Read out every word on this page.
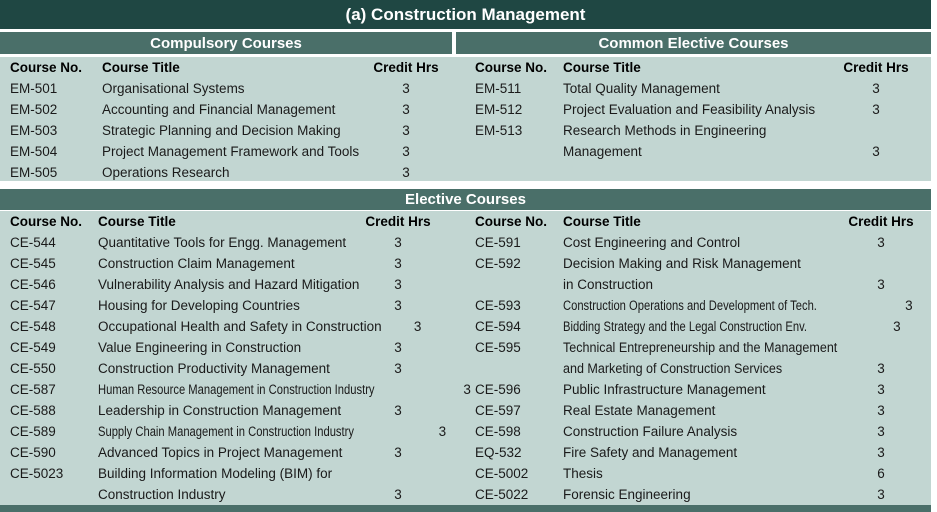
(a) Construction Management
Compulsory Courses	Common Elective Courses
Course No.	Course Title	Credit Hrs
EM-501	Organisational Systems	3
EM-502	Accounting and Financial Management	3
EM-503	Strategic Planning and Decision Making	3
EM-504	Project Management Framework and Tools	3
EM-505	Operations Research	3
Course No.	Course Title	Credit Hrs
EM-511	Total Quality Management	3
EM-512	Project Evaluation and Feasibility Analysis	3
EM-513	Research Methods in Engineering
Management	3
Elective Courses
Course No.	Course Title	Credit Hrs
CE-544	Quantitative Tools for Engg. Management	3
CE-545	Construction Claim Management	3
CE-546	Vulnerability Analysis and Hazard Mitigation	3
CE-547	Housing for Developing Countries	3
CE-548	Occupational Health and Safety in Construction	3
CE-549	Value Engineering in Construction	3
CE-550	Construction Productivity Management	3
CE-587	Human Resource Management in Construction Industry	3
CE-588	Leadership in Construction Management	3
CE-589	Supply Chain Management in Construction Industry	3
CE-590	Advanced Topics in Project Management	3
CE-5023	Building Information Modeling (BIM) for
Construction Industry	3
Course No.	Course Title	Credit Hrs
CE-591	Cost Engineering and Control	3
CE-592	Decision Making and Risk Management
in Construction	3
CE-593	Construction Operations and Development of Tech.	3
CE-594	Bidding Strategy and the Legal Construction Env.	3
CE-595	Technical Entrepreneurship and the Management
and Marketing of Construction Services	3
CE-596	Public Infrastructure Management	3
CE-597	Real Estate Management	3
CE-598	Construction Failure Analysis	3
EQ-532	Fire Safety and Management	3
CE-5002	Thesis	6
CE-5022	Forensic Engineering	3
